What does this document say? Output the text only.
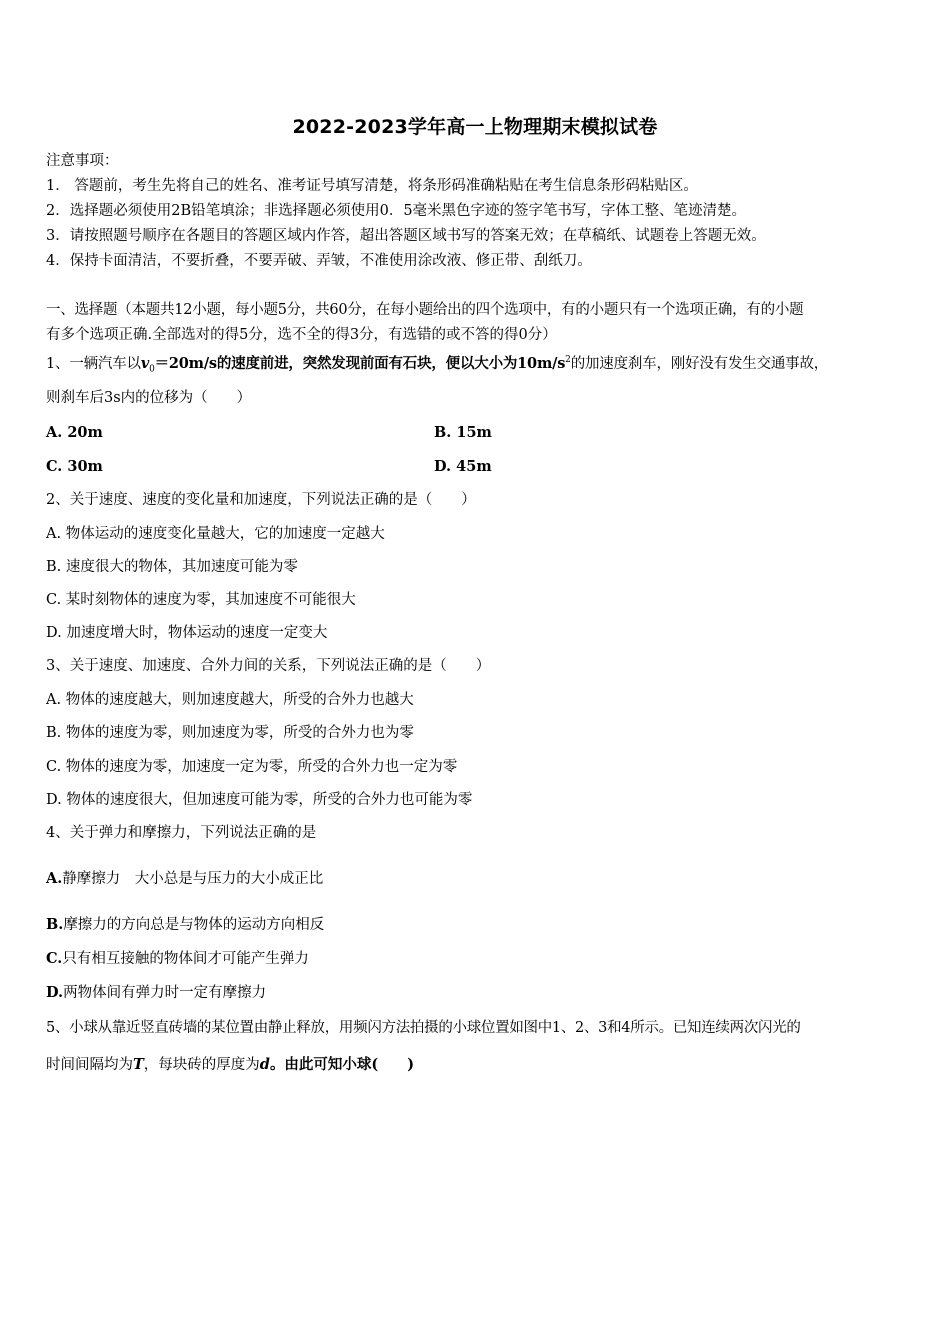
2022-2023学年高一上物理期末模拟试卷
注意事项：
1． 答题前，考生先将自己的姓名、准考证号填写清楚，将条形码准确粘贴在考生信息条形码粘贴区。
2．选择题必须使用2B铅笔填涂；非选择题必须使用0．5毫米黑色字迹的签字笔书写，字体工整、笔迹清楚。
3．请按照题号顺序在各题目的答题区域内作答，超出答题区域书写的答案无效；在草稿纸、试题卷上答题无效。
4．保持卡面清洁，不要折叠，不要弄破、弄皱，不准使用涂改液、修正带、刮纸刀。
一、选择题（本题共12小题，每小题5分，共60分，在每小题给出的四个选项中，有的小题只有一个选项正确，有的小题
有多个选项正确.全部选对的得5分，选不全的得3分，有选错的或不答的得0分）
1、一辆汽车以$v_0=20m/s$的速度前进，突然发现前面有石块，便以大小为$10m/s^2$的加速度刹车，刚好没有发生交通事故，
则刹车后3s内的位移为（　　）
A. 20m	B. 15m
C. 30m	D. 45m
2、关于速度、速度的变化量和加速度，下列说法正确的是（　　）
A. 物体运动的速度变化量越大，它的加速度一定越大
B. 速度很大的物体，其加速度可能为零
C. 某时刻物体的速度为零，其加速度不可能很大
D. 加速度增大时，物体运动的速度一定变大
3、关于速度、加速度、合外力间的关系，下列说法正确的是（　　）
A. 物体的速度越大，则加速度越大，所受的合外力也越大
B. 物体的速度为零，则加速度为零，所受的合外力也为零
C. 物体的速度为零，加速度一定为零，所受的合外力也一定为零
D. 物体的速度很大，但加速度可能为零，所受的合外力也可能为零
4、关于弹力和摩擦力，下列说法正确的是
A.静摩擦力　大小总是与压力的大小成正比
B.摩擦力的方向总是与物体的运动方向相反
C.只有相互接触的物体间才可能产生弹力
D.两物体间有弹力时一定有摩擦力
5、小球从靠近竖直砖墙的某位置由静止释放，用频闪方法拍摄的小球位置如图中1、2、3和4所示。已知连续两次闪光的
时间间隔均为T，每块砖的厚度为d。由此可知小球(　　)
